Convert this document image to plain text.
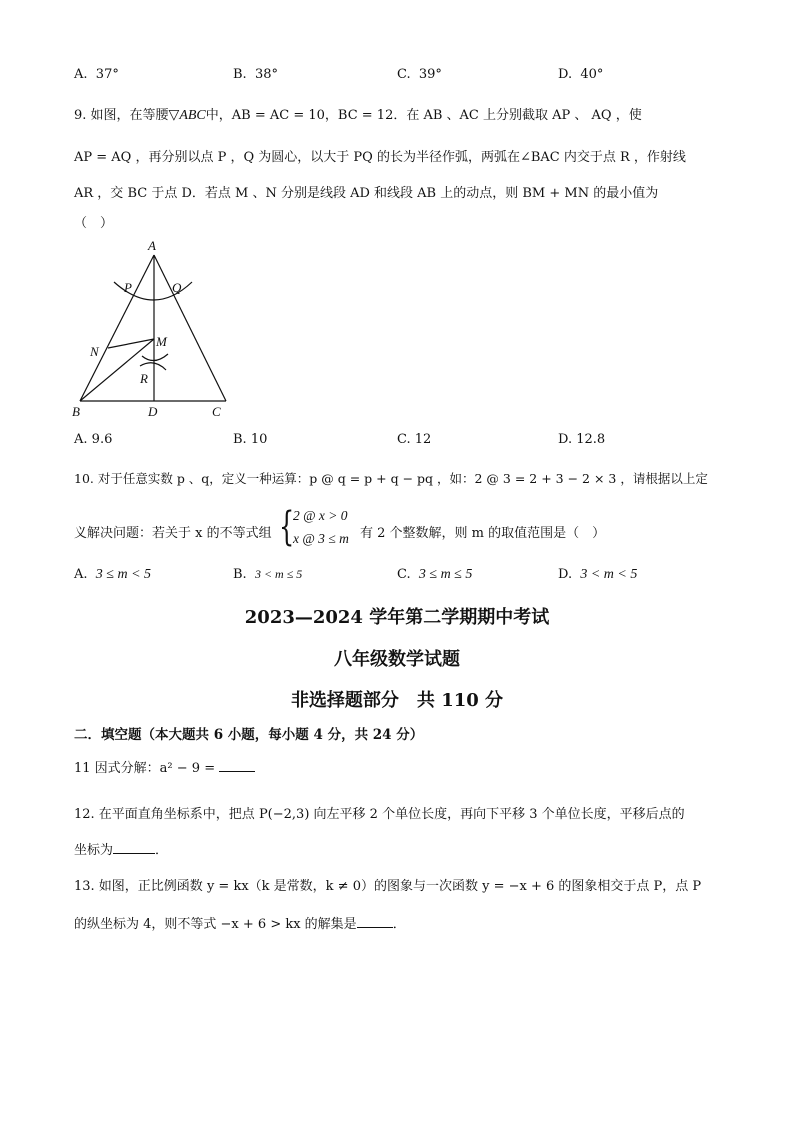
A. 37°	B. 38°	C. 39°	D. 40°
9. 如图，在等腰▽ABC中，AB = AC = 10，BC = 12．在 AB 、AC 上分别截取 AP 、 AQ ，使
AP = AQ ，再分别以点 P ，Q 为圆心，以大于 PQ 的长为半径作弧，两弧在∠BAC 内交于点 R ，作射线
AR ，交 BC 于点 D．若点 M 、N 分别是线段 AD 和线段 AB 上的动点，则 BM + MN 的最小值为
（　）
A
P	Q
N
M
R
B	D	C
A. 9.6	B. 10	C. 12	D. 12.8
10. 对于任意实数 p 、q，定义一种运算：p @ q = p + q − pq ，如：2 @ 3 = 2 + 3 − 2 × 3 ，请根据以上定
义解决问题：若关于 x 的不等式组 {
2 @ x > 0
x @ 3 ≤ m 有 2 个整数解，则 m 的取值范围是（　）
A. 3 ≤ m < 5	B. 3 < m ≤ 5	C. 3 ≤ m ≤ 5	D. 3 < m < 5
2023—2024 学年第二学期期中考试
八年级数学试题
非选择题部分　共 110 分
二．填空题（本大题共 6 小题，每小题 4 分，共 24 分）
11 因式分解：a² − 9 =
12. 在平面直角坐标系中，把点 P(−2,3) 向左平移 2 个单位长度，再向下平移 3 个单位长度，平移后点的
坐标为	．
13. 如图，正比例函数 y = kx（k 是常数，k ≠ 0）的图象与一次函数 y = −x + 6 的图象相交于点 P，点 P
的纵坐标为 4，则不等式 −x + 6 > kx 的解集是	．
